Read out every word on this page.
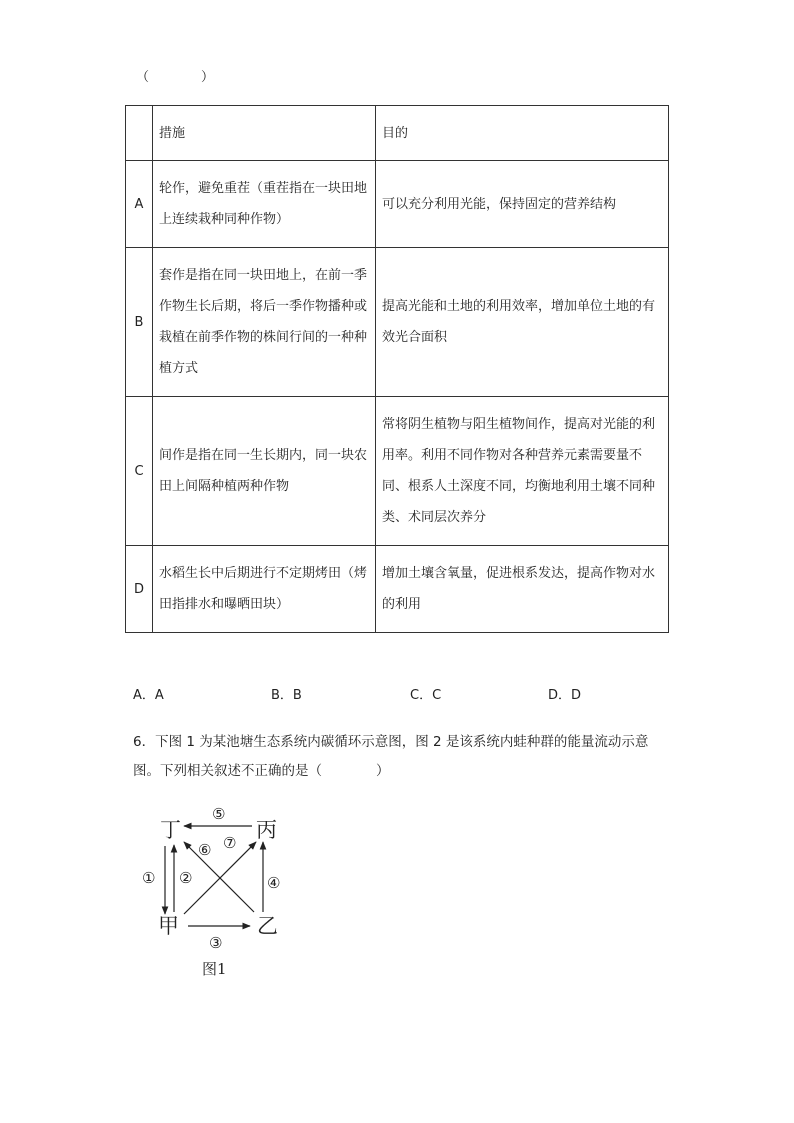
（　　　　）
	措施	目的
A	轮作，避免重茬（重茬指在一块田地上连续栽种同种作物）	可以充分利用光能，保持固定的营养结构
B	套作是指在同一块田地上，在前一季作物生长后期，将后一季作物播种或栽植在前季作物的株间行间的一种种植方式	提高光能和土地的利用效率，增加单位土地的有效光合面积
C	间作是指在同一生长期内，同一块农田上间隔种植两种作物	常将阴生植物与阳生植物间作，提高对光能的利用率。利用不同作物对各种营养元素需要量不同、根系人土深度不同，均衡地利用土壤不同种类、术同层次养分
D	水稻生长中后期进行不定期烤田（烤田指排水和曝晒田块）	增加土壤含氧量，促进根系发达，提高作物对水的利用
A．A	B．B	C．C	D．D
6．下图 1 为某池塘生态系统内碳循环示意图，图 2 是该系统内蛙种群的能量流动示意图。下列相关叙述不正确的是（　　　　）
丁	丙
甲	乙
⑤
① ②
③
④
⑥ ⑦
图1
